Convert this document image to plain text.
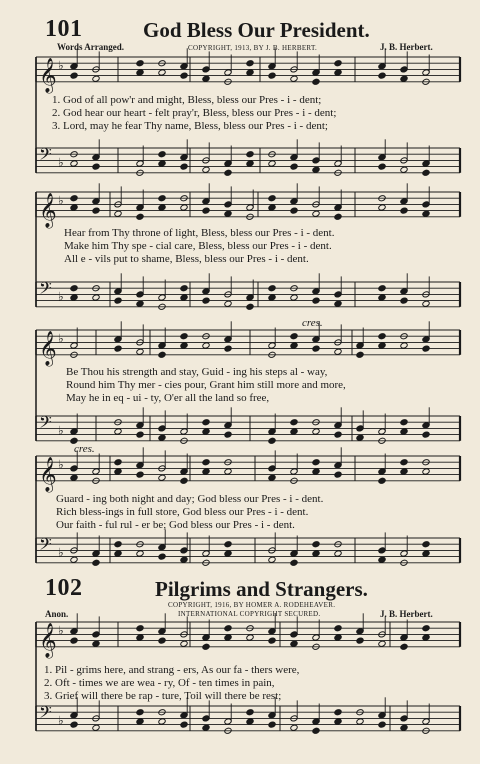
𝄞 ♭
𝄢 ♭
𝄞 ♭
𝄢 ♭
𝄞 ♭
𝄢 ♭
𝄞 ♭
𝄢 ♭
𝄞 ♭
𝄢 ♭
101	God Bless Our President.
Words Arranged.	COPYRIGHT, 1913, BY J. B. HERBERT.	J. B. Herbert.
1. God of all pow'r and might, Bless, bless our Pres - i - dent;
2. God hear our heart - felt pray'r, Bless, bless our Pres - i - dent;
3. Lord, may he fear Thy name, Bless, bless our Pres - i - dent;
Hear from Thy throne of light, Bless, bless our Pres - i - dent.
Make him Thy spe - cial care, Bless, bless our Pres - i - dent.
All e - vils put to shame, Bless, bless our Pres - i - dent.
cres.
Be Thou his strength and stay, Guid - ing his steps al - way,
Round him Thy mer - cies pour, Grant him still more and more,
May he in eq - ui - ty, O'er all the land so free,
cres.
Guard - ing both night and day; God bless our Pres - i - dent.
Rich bless-ings in full store, God bless our Pres - i - dent.
Our faith - ful rul - er be; God bless our Pres - i - dent.
102	Pilgrims and Strangers.
Anon.
COPYRIGHT, 1916, BY HOMER A. RODEHEAVER.
INTERNATIONAL COPYRIGHT SECURED.	J. B. Herbert.
1. Pil - grims here, and strang - ers, As our fa - thers were,
2. Oft - times we are wea - ry, Of - ten times in pain,
3. Grief will there be rap - ture, Toil will there be rest;
